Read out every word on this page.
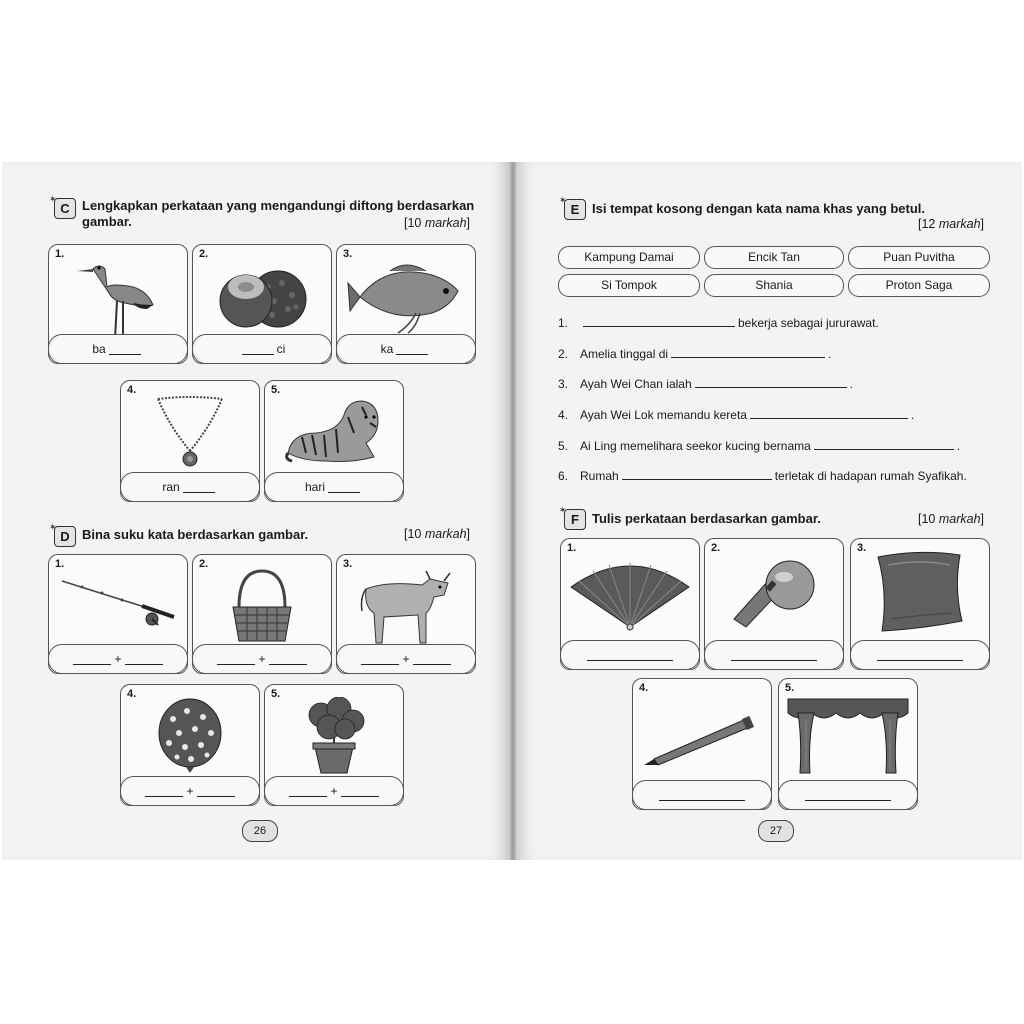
✶ C Lengkapkan perkataan yang mengandungi diftong berdasarkan
gambar.	[10 markah]
1.
ba
2.
ci
3.
ka
4.
ran
5.
hari
✶ D Bina suku kata berdasarkan gambar.	[10 markah]
1.
+
2.
+
3.
+
4.
+
5.
+
26
✶ E Isi tempat kosong dengan kata nama khas yang betul.
[12 markah]
Kampung Damai	Encik Tan	Puan Puvitha
Si Tompok	Shania	Proton Saga
1.	bekerja sebagai jururawat.
2. Amelia tinggal di	.
3. Ayah Wei Chan ialah	.
4. Ayah Wei Lok memandu kereta	.
5. Ai Ling memelihara seekor kucing bernama	.
6. Rumah	terletak di hadapan rumah Syafikah.
✶ F	Tulis perkataan berdasarkan gambar.	[10 markah]
1.	2.	3.
4.	5.
27
